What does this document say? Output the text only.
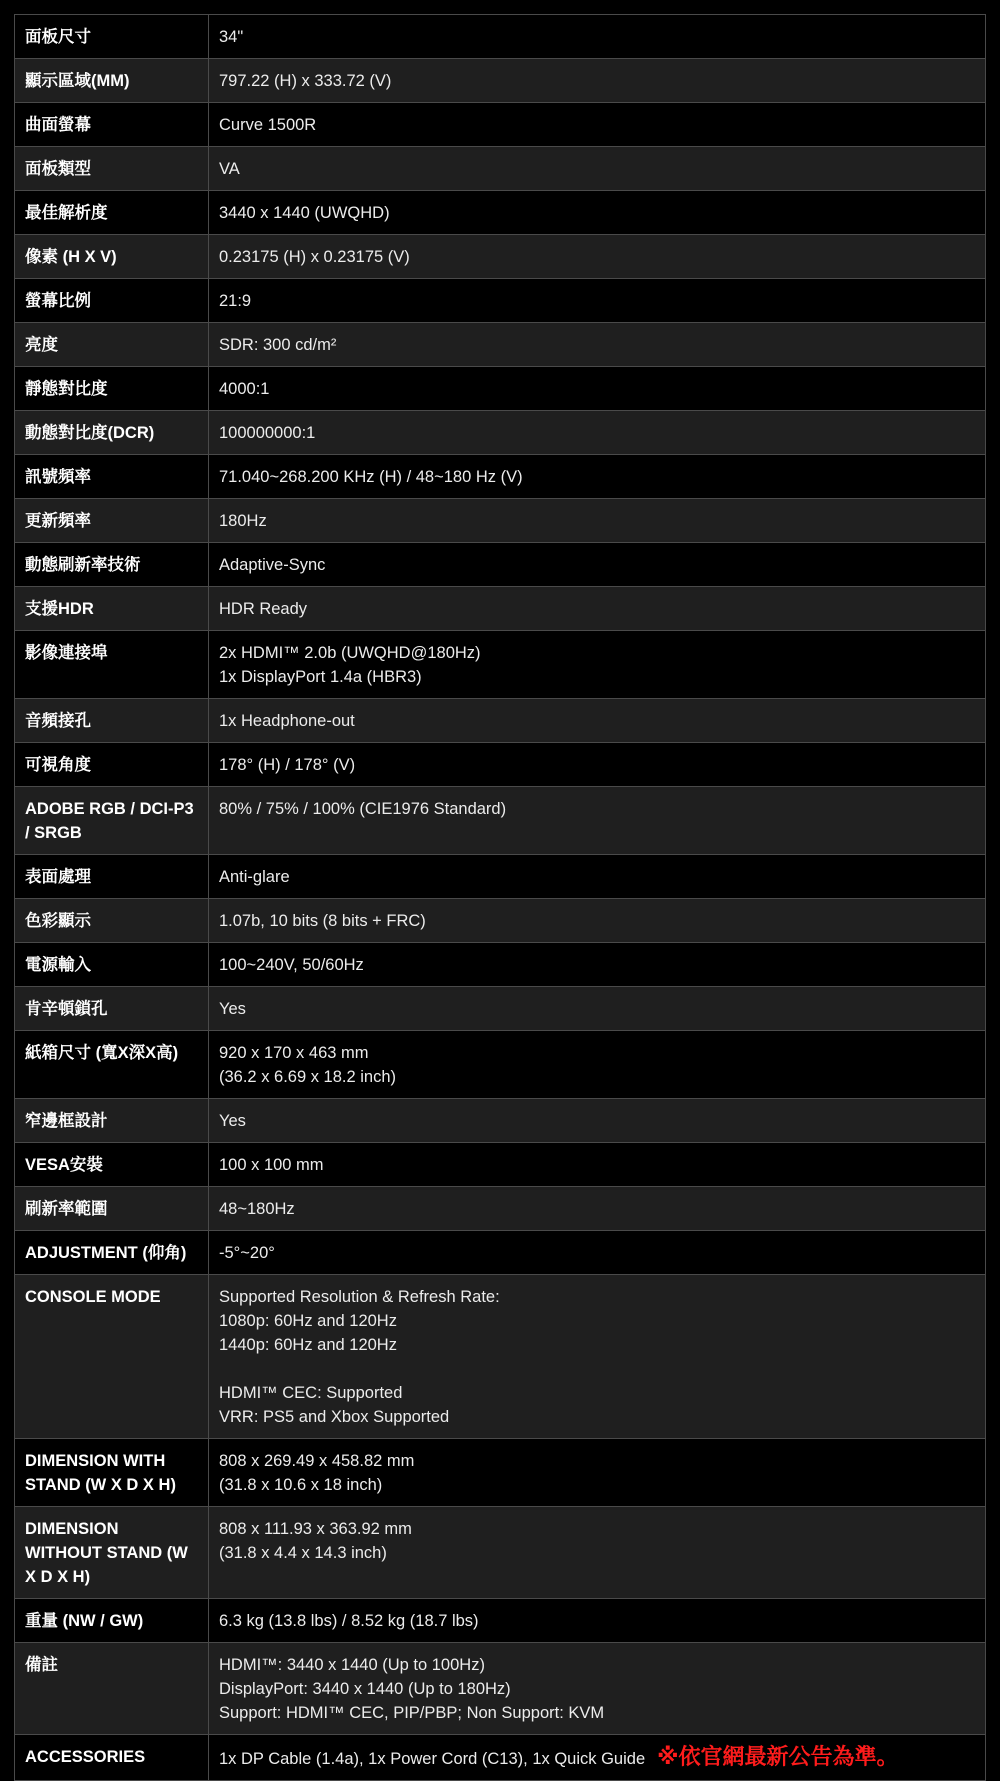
面板尺寸	34"
顯示區域(MM)	797.22 (H) x 333.72 (V)
曲面螢幕	Curve 1500R
面板類型	VA
最佳解析度	3440 x 1440 (UWQHD)
像素 (H X V)	0.23175 (H) x 0.23175 (V)
螢幕比例	21:9
亮度	SDR: 300 cd/m²
靜態對比度	4000:1
動態對比度(DCR)	100000000:1
訊號頻率	71.040~268.200 KHz (H) / 48~180 Hz (V)
更新頻率	180Hz
動態刷新率技術	Adaptive-Sync
支援HDR	HDR Ready
影像連接埠	2x HDMI™ 2.0b (UWQHD@180Hz)
1x DisplayPort 1.4a (HBR3)
音頻接孔	1x Headphone-out
可視角度	178° (H) / 178° (V)
ADOBE RGB / DCI-P3 / SRGB	80% / 75% / 100% (CIE1976 Standard)
表面處理	Anti-glare
色彩顯示	1.07b, 10 bits (8 bits + FRC)
電源輸入	100~240V, 50/60Hz
肯辛頓鎖孔	Yes
紙箱尺寸 (寬X深X高)	920 x 170 x 463 mm
(36.2 x 6.69 x 18.2 inch)
窄邊框設計	Yes
VESA安裝	100 x 100 mm
刷新率範圍	48~180Hz
ADJUSTMENT (仰角)	-5°~20°
CONSOLE MODE	Supported Resolution & Refresh Rate:
1080p: 60Hz and 120Hz
1440p: 60Hz and 120Hz

HDMI™ CEC: Supported
VRR: PS5 and Xbox Supported
DIMENSION WITH STAND (W X D X H)	808 x 269.49 x 458.82 mm
(31.8 x 10.6 x 18 inch)
DIMENSION WITHOUT STAND (W X D X H)	808 x 111.93 x 363.92 mm
(31.8 x 4.4 x 14.3 inch)
重量 (NW / GW)	6.3 kg (13.8 lbs) / 8.52 kg (18.7 lbs)
備註	HDMI™: 3440 x 1440 (Up to 100Hz)
DisplayPort: 3440 x 1440 (Up to 180Hz)
Support: HDMI™ CEC, PIP/PBP; Non Support: KVM
ACCESSORIES	1x DP Cable (1.4a), 1x Power Cord (C13), 1x Quick Guide ※依官網最新公告為準。
